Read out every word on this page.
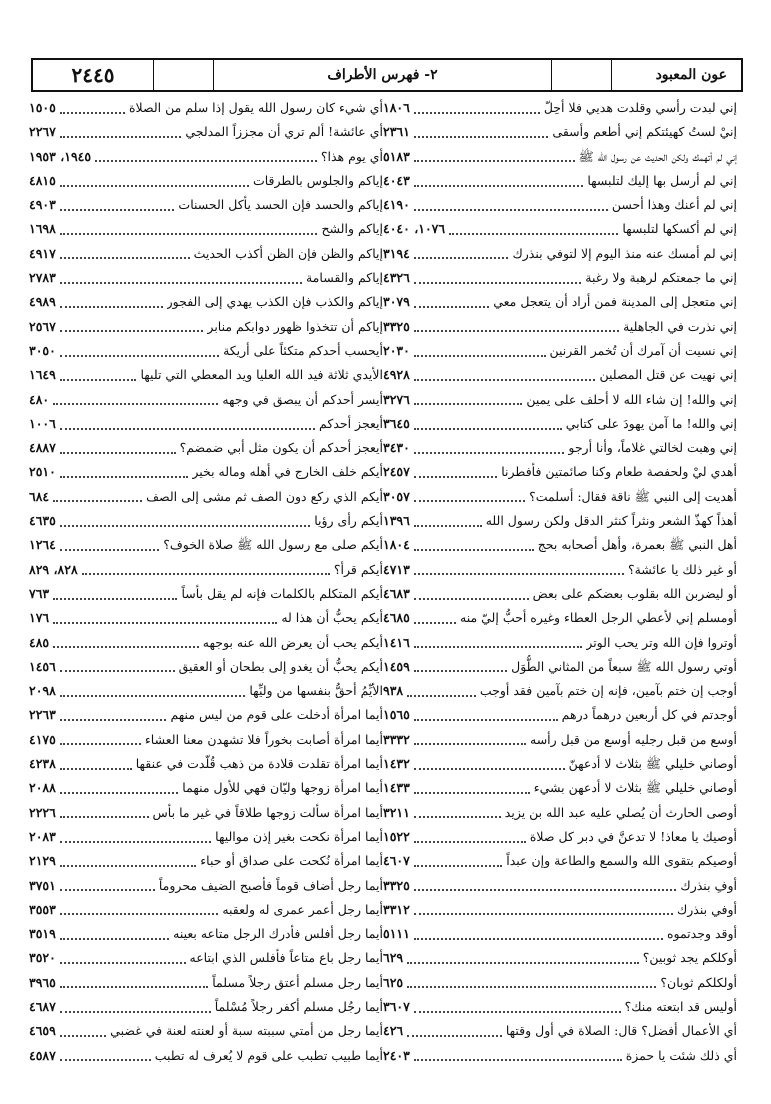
عون المعبود
٢- فهرس الأطراف
٢٤٤٥
إني لبدت رأسي وقلدت هديي فلا أحِلّ
١٨٠٦
إنيْ لستُ كهيئتكم إني أطعم وأسقى
٢٣٦١
إني لم أتهمك ولكن الحديث عن رسول الله ﷺ
٥١٨٣
إني لم أرسل بها إليك لتلبسها
٤٠٤٣
إني لم أعنك وهذا أحسن
٤١٩٠
إني لم أكسكها لتلبسها
١٠٧٦، ٤٠٤٠
إني لم أمسك عنه منذ اليوم إلا لتوفي بنذرك
٣١٩٤
إني ما جمعتكم لرهبة ولا رغبة
٤٣٢٦
إني متعجل إلى المدينة فمن أراد أن يتعجل معي
٣٠٧٩
إني نذرت في الجاهلية
٣٣٢٥
إني نسيت أن آمرك أن تُخمر القرنين
٢٠٣٠
إني نهيت عن قتل المصلين
٤٩٢٨
إني والله! إن شاء الله لا أحلف على يمين
٣٢٧٦
إني والله! ما آمن يهودَ على كتابي
٣٦٤٥
إني وهبت لخالتي غلاماً، وأنا أرجو
٣٤٣٠
أهدي ليْ ولحفصة طعام وكنا صائمتين فأفطرنا
٢٤٥٧
أهديت إلى النبي ﷺ ناقة فقال: أسلمت؟
٣٠٥٧
أهذاً كهذّ الشعر ونثراً كنثر الدقل ولكن رسول الله
١٣٩٦
أهل النبي ﷺ بعمرة، وأهل أصحابه بحج
١٨٠٤
أو غير ذلك يا عائشة؟
٤٧١٣
أو ليضربن الله بقلوب بعضكم على بعض
٤٦٨٣
أومسلم إني لأعطي الرجل العطاء وغيره أحبُّ إليّ منه
٤٦٨٥
أوتروا فإن الله وتر يحب الوتر
١٤١٦
أوتي رسول الله ﷺ سبعاً من المثاني الطُّوَل
١٤٥٩
أوجب إن ختم بآمين، فإنه إن ختم بآمين فقد أوجب
٩٣٨
أوجدتم في كل أربعين درهماً درهم
١٥٦٥
أوسع من قبل رجليه أوسع من قبل رأسه
٣٣٣٢
أوصاني خليلي ﷺ بثلاث لا أدعهنّ
١٤٣٢
أوصاني خليلي ﷺ بثلاث لا أدعهن بشيء
١٤٣٣
أوصى الحارث أن يُصلي عليه عبد الله بن يزيد
٣٢١١
أوصيك يا معاذ! لا تدعنَّ في دبر كل صلاة
١٥٢٢
أوصيكم بتقوى الله والسمع والطاعة وإن عبداً
٤٦٠٧
أوفِ بنذرك
٣٣٢٥
أوفي بنذرك
٣٣١٢
أوقد وجدتموه
٥١١١
أوكلكم يجد ثوبين؟
٦٢٩
أولكلكم ثوبان؟
٦٢٥
أوليس قد ابتعته منك؟
٣٦٠٧
أي الأعمال أفضل؟ قال: الصلاة في أول وقتها
٤٢٦
أي ذلك شئت يا حمزة
٢٤٠٣
أي شيء كان رسول الله يقول إذا سلم من الصلاة
١٥٠٥
أي عائشة! ألم تري أن مجززاً المدلجي
٢٢٦٧
أي يوم هذا؟
١٩٤٥، ١٩٥٣
إياكم والجلوس بالطرقات
٤٨١٥
إياكم والحسد فإن الحسد يأكل الحسنات
٤٩٠٣
إياكم والشح
١٦٩٨
إياكم والظن فإن الظن أكذب الحديث
٤٩١٧
إياكم والقسامة
٢٧٨٣
إياكم والكذب فإن الكذب يهدي إلى الفجور
٤٩٨٩
إياكم أن تتخذوا ظهور دوابكم منابر
٢٥٦٧
أيحسب أحدكم متكئاً على أريكة
٣٠٥٠
الأيدي ثلاثة فيد الله العليا ويد المعطي التي تليها
١٦٤٩
أيسر أحدكم أن يبصق في وجهه
٤٨٠
أيعجز أحدكم
١٠٠٦
أيعجز أحدكم أن يكون مثل أبي ضمضم؟
٤٨٨٧
أيكم خلف الخارج في أهله وماله بخير
٢٥١٠
أيكم الذي ركع دون الصف ثم مشى إلى الصف
٦٨٤
أيكم رأى رؤيا
٤٦٣٥
أيكم صلى مع رسول الله ﷺ صلاة الخوف؟
١٢٦٤
أيكم قرأ؟
٨٢٨، ٨٢٩
أيكم المتكلم بالكلمات فإنه لم يقل بأساً
٧٦٣
أيكم يحبُّ أن هذا له
١٧٦
أيكم يحب أن يعرض الله عنه بوجهه
٤٨٥
أيكم يحبُّ أن يغدو إلى بطحان أو العقيق
١٤٥٦
الأيِّمُ أحقُّ بنفسها من وليِّها
٢٠٩٨
أيما امرأة أدخلت على قوم من ليس منهم
٢٢٦٣
أيما امرأة أصابت بخوراً فلا تشهدن معنا العشاء
٤١٧٥
أيما امرأة تقلدت قلادة من ذهب قُلّدت في عنقها
٤٢٣٨
أيما امرأة زوجها وليّان فهي للأول منهما
٢٠٨٨
أيما امرأة سألت زوجها طلاقاً في غير ما بأس
٢٢٢٦
أيما امرأة نكحت بغير إذن مواليها
٢٠٨٣
أيما امرأة نُكحت على صداق أو حباء
٢١٢٩
أيما رجل أضاف قوماً فأصبح الضيف محروماً
٣٧٥١
أيما رجل أعمر عمرى له ولعقبه
٣٥٥٣
أيما رجل أفلس فأدرك الرجل متاعه بعينه
٣٥١٩
أيما رجل باع متاعاً فأفلس الذي ابتاعه
٣٥٢٠
أيما رجل مسلم أعتق رجلاً مسلماً
٣٩٦٥
أيما رجُل مسلم أكفر رجلاً مُسْلماً
٤٦٨٧
أيما رجل من أمتي سببته سبة أو لعنته لعنة في غضبي
٤٦٥٩
أيما طبيب تطبب على قوم لا يُعرف له تطبب
٤٥٨٧
